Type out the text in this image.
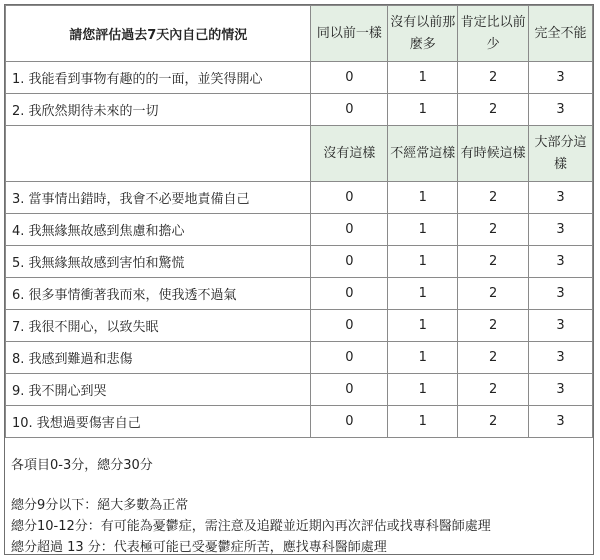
請您評估過去7天內自己的情況	同以前一樣	沒有以前那麼多	肯定比以前少	完全不能
1. 我能看到事物有趣的的一面，並笑得開心	0	1	2	3
2. 我欣然期待未來的一切	0	1	2	3
	沒有這樣	不經常這樣	有時候這樣	大部分這樣
3. 當事情出錯時，我會不必要地責備自己	0	1	2	3
4. 我無緣無故感到焦慮和擔心	0	1	2	3
5. 我無緣無故感到害怕和驚慌	0	1	2	3
6. 很多事情衝著我而來，使我透不過氣	0	1	2	3
7. 我很不開心，以致失眠	0	1	2	3
8. 我感到難過和悲傷	0	1	2	3
9. 我不開心到哭	0	1	2	3
10. 我想過要傷害自己	0	1	2	3
各項目0-3分，總分30分
總分9分以下：絕大多數為正常
總分10-12分：有可能為憂鬱症，需注意及追蹤並近期內再次評估或找專科醫師處理
總分超過 13 分：代表極可能已受憂鬱症所苦，應找專科醫師處理
